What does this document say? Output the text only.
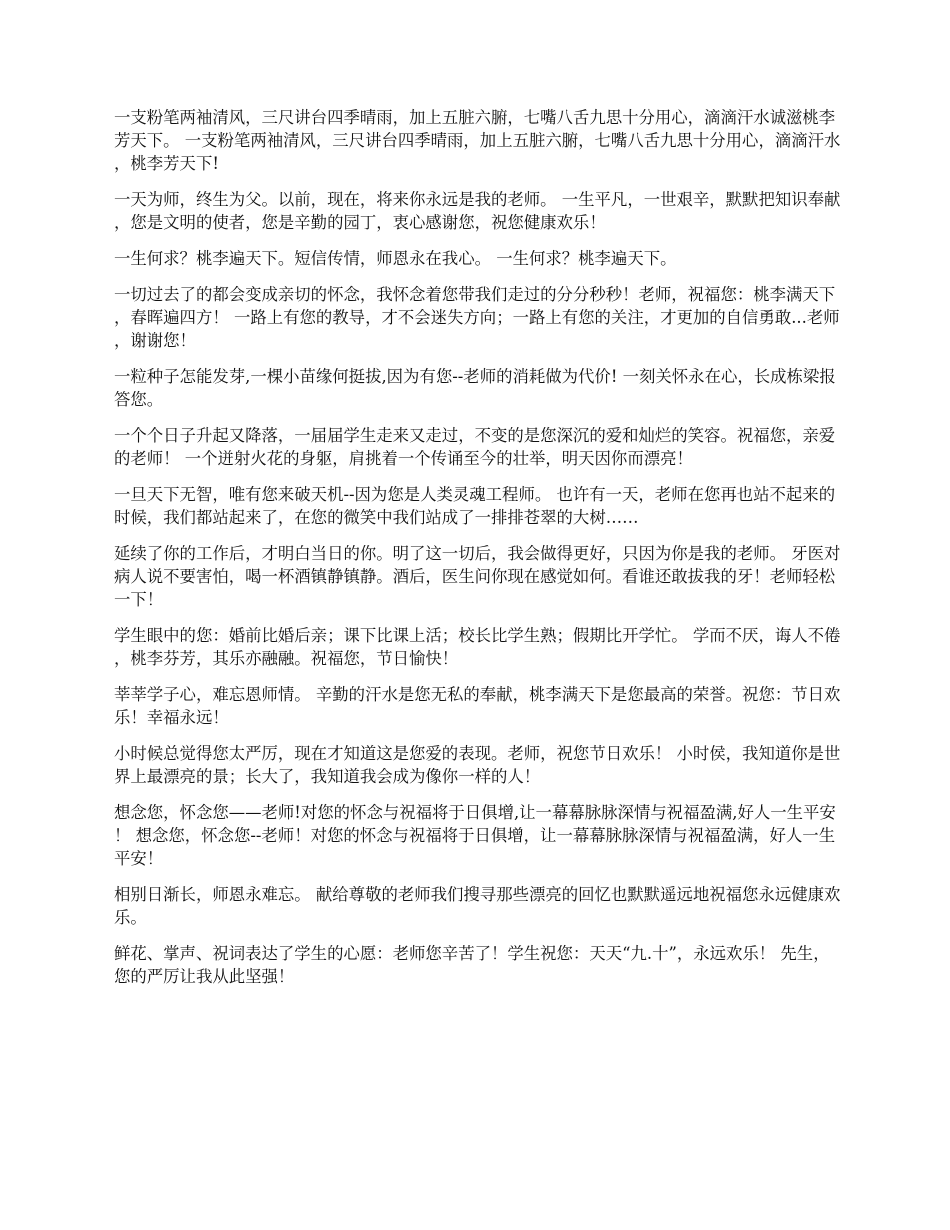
一支粉笔两袖清风，三尺讲台四季晴雨，加上五脏六腑，七嘴八舌九思十分用心，滴滴汗水诚滋桃李芳天下。 一支粉笔两袖清风，三尺讲台四季晴雨，加上五脏六腑，七嘴八舌九思十分用心，滴滴汗水，桃李芳天下!

一天为师，终生为父。以前，现在，将来你永远是我的老师。 一生平凡，一世艰辛，默默把知识奉献，您是文明的使者，您是辛勤的园丁，衷心感谢您，祝您健康欢乐！

一生何求？桃李遍天下。短信传情，师恩永在我心。 一生何求？桃李遍天下。

一切过去了的都会变成亲切的怀念，我怀念着您带我们走过的分分秒秒！老师，祝福您：桃李满天下，春晖遍四方！ 一路上有您的教导，才不会迷失方向；一路上有您的关注，才更加的自信勇敢...老师，谢谢您！

一粒种子怎能发芽,一棵小苗缘何挺拔,因为有您--老师的消耗做为代价! 一刻关怀永在心，长成栋梁报答您。

一个个日子升起又降落，一届届学生走来又走过，不变的是您深沉的爱和灿烂的笑容。祝福您，亲爱的老师！ 一个迸射火花的身躯，肩挑着一个传诵至今的壮举，明天因你而漂亮！

一旦天下无智，唯有您来破天机--因为您是人类灵魂工程师。 也许有一天，老师在您再也站不起来的时候，我们都站起来了，在您的微笑中我们站成了一排排苍翠的大树……

延续了你的工作后，才明白当日的你。明了这一切后，我会做得更好，只因为你是我的老师。 牙医对病人说不要害怕，喝一杯酒镇静镇静。酒后，医生问你现在感觉如何。看谁还敢拔我的牙！老师轻松一下！

学生眼中的您：婚前比婚后亲；课下比课上活；校长比学生熟；假期比开学忙。 学而不厌，诲人不倦，桃李芬芳，其乐亦融融。祝福您，节日愉快！

莘莘学子心，难忘恩师情。 辛勤的汗水是您无私的奉献，桃李满天下是您最高的荣誉。祝您：节日欢乐！幸福永远！

小时候总觉得您太严厉，现在才知道这是您爱的表现。老师，祝您节日欢乐！ 小时侯，我知道你是世界上最漂亮的景；长大了，我知道我会成为像你一样的人！

想念您，怀念您——老师!对您的怀念与祝福将于日俱增,让一幕幕脉脉深情与祝福盈满,好人一生平安！ 想念您，怀念您--老师！对您的怀念与祝福将于日俱增，让一幕幕脉脉深情与祝福盈满，好人一生平安！

相别日渐长，师恩永难忘。 献给尊敬的老师我们搜寻那些漂亮的回忆也默默遥远地祝福您永远健康欢乐。

鲜花、掌声、祝词表达了学生的心愿：老师您辛苦了！学生祝您：天天“九.十”，永远欢乐！ 先生，您的严厉让我从此坚强！
